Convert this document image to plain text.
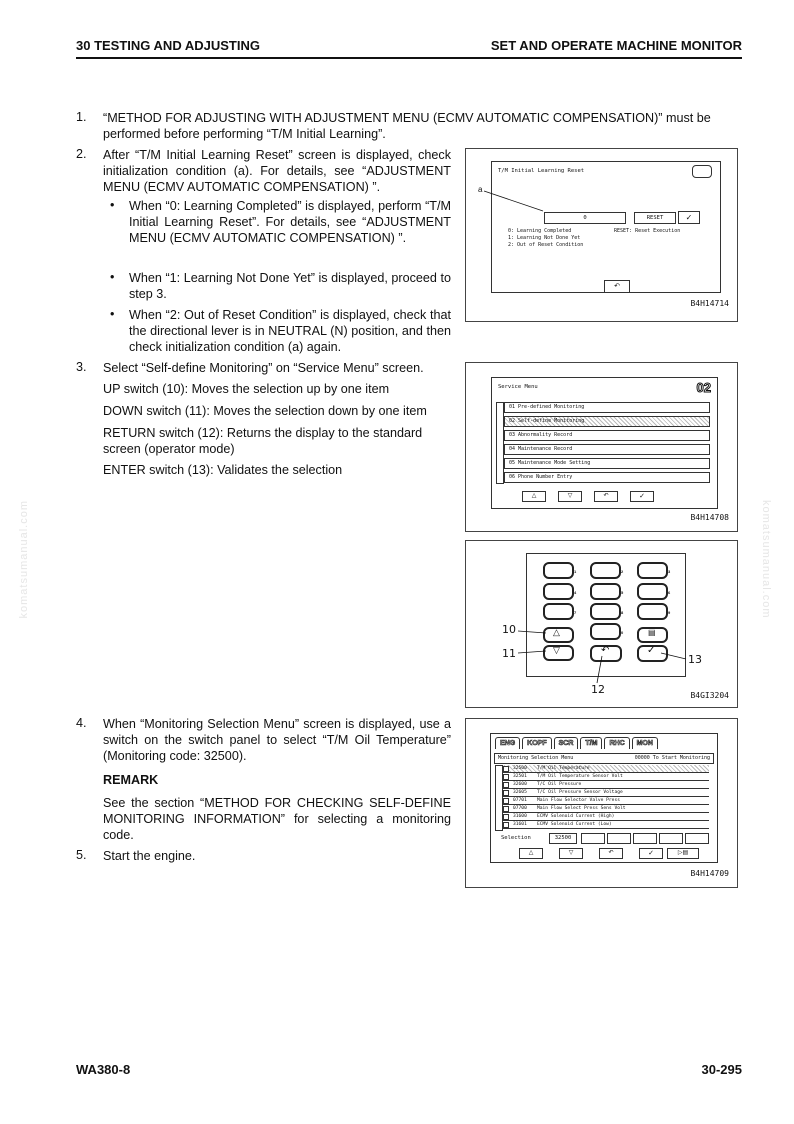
30 TESTING AND ADJUSTING	SET AND OPERATE MACHINE MONITOR
komatsumanual.com	komatsumanual.com
1. “METHOD FOR ADJUSTING WITH ADJUSTMENT MENU (ECMV AUTOMATIC COMPENSATION)” must be performed before performing “T/M Initial Learning”.
2. After “T/M Initial Learning Reset” screen is displayed, check initialization condition (a). For details, see “ADJUSTMENT MENU (ECMV AUTOMATIC COMPENSATION) ”.
• When “0: Learning Completed” is displayed, perform “T/M Initial Learning Reset”. For details, see “ADJUSTMENT MENU (ECMV AUTOMATIC COMPENSATION) ”.
• When “1: Learning Not Done Yet” is displayed, proceed to step 3.
• When “2: Out of Reset Condition” is displayed, check that the directional lever is in NEUTRAL (N) position, and then check initialization condition (a) again.
3. Select “Self-define Monitoring” on “Service Menu” screen.
UP switch (10): Moves the selection up by one item
DOWN switch (11): Moves the selection down by one item
RETURN switch (12): Returns the display to the standard screen (operator mode)
ENTER switch (13): Validates the selection
4. When “Monitoring Selection Menu” screen is displayed, use a switch on the switch panel to select “T/M Oil Temperature” (Monitoring code: 32500).
REMARK
See the section “METHOD FOR CHECKING SELF-DEFINE MONITORING INFORMATION” for selecting a monitoring code.
5. Start the engine.
T/M Initial Learning Reset
0	RESET	✓
0: Learning Completed
1: Learning Not Done Yet
2: Out of Reset Condition
RESET: Reset Execution
↶
a
B4H14714
Service Menu	02
01 Pre-defined Monitoring
02 Self-define Monitoring
03 Abnormality Record
04 Maintenance Record
05 Maintenance Mode Setting
06 Phone Number Entry
△	▽	↶	✓
B4H14708
1	2	3
4	5	6
7	8	9
0
△
▽	↶
▤
✓
10
11
12
13
B4GI3204
ENG	KOPF	SCR	T/M	RHC	MON
Monitoring Selection Menu	00000 To Start Monitoring
32500 T/M Oil Temperature
32501 T/M Oil Temperature Sensor Volt
32600 T/C Oil Pressure
32605 T/C Oil Pressure Sensor Voltage
07701 Main Flow Selector Valve Press
07700 Main Flow Select Press Sens Volt
31600 ECMV Solenoid Current (High)
31601 ECMV Solenoid Current (Low)
Selection	32500
△	▽	↶	✓	▷▤
B4H14709
WA380-8	30-295
